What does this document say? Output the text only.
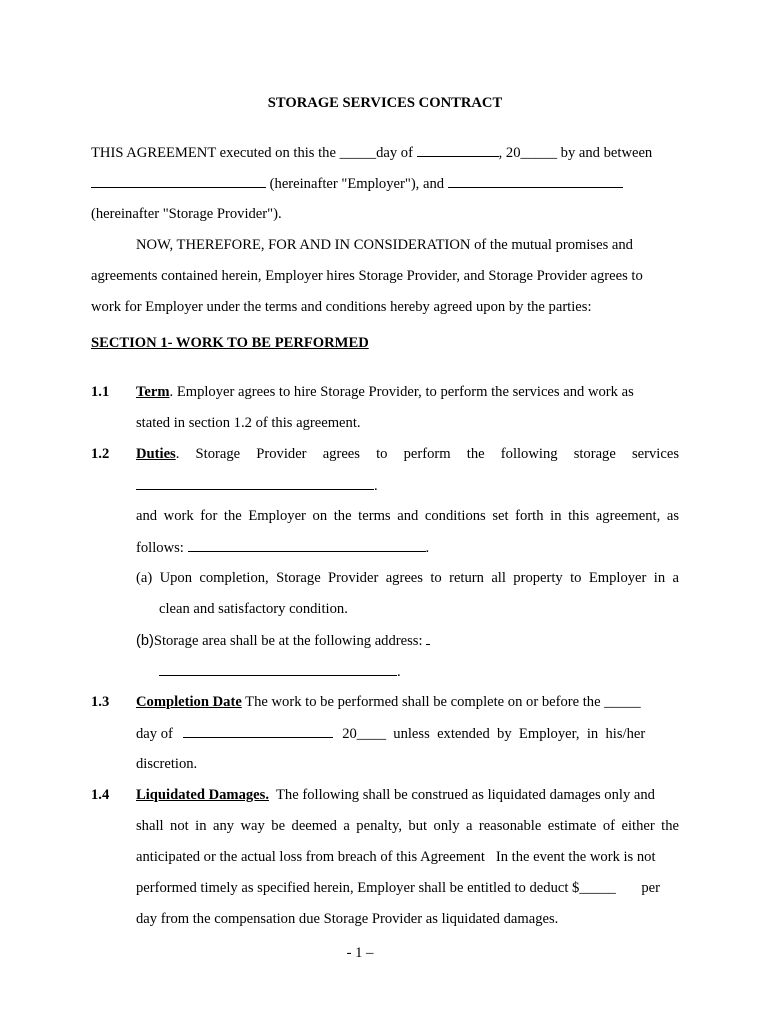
STORAGE SERVICES CONTRACT
THIS AGREEMENT executed on this the _____day of	, 20_____ by and between
(hereinafter "Employer"), and
(hereinafter "Storage Provider").
NOW, THEREFORE, FOR AND IN CONSIDERATION of the mutual promises and
agreements contained herein, Employer hires Storage Provider, and Storage Provider agrees to
work for Employer under the terms and conditions hereby agreed upon by the parties:
SECTION 1- WORK TO BE PERFORMED
1.1 Term. Employer agrees to hire Storage Provider, to perform the services and work as
stated in section 1.2 of this agreement.
1.2 Duties. Storage Provider agrees to perform the following storage services
.
and work for the Employer on the terms and conditions set forth in this agreement, as
follows:	.
(a) Upon completion, Storage Provider agrees to return all property to Employer in a
clean and satisfactory condition.
(b)Storage area shall be at the following address:
.
1.3 Completion Date The work to be performed shall be complete on or before the _____
day of	20____  unless  extended  by  Employer,  in  his/her
discretion.
1.4 Liquidated Damages.  The following shall be construed as liquidated damages only and
shall not in any way be deemed a penalty, but only a reasonable estimate of either the
anticipated or the actual loss from breach of this Agreement   In the event the work is not
performed timely as specified herein, Employer shall be entitled to deduct $_____       per
day from the compensation due Storage Provider as liquidated damages.
- 1 –
